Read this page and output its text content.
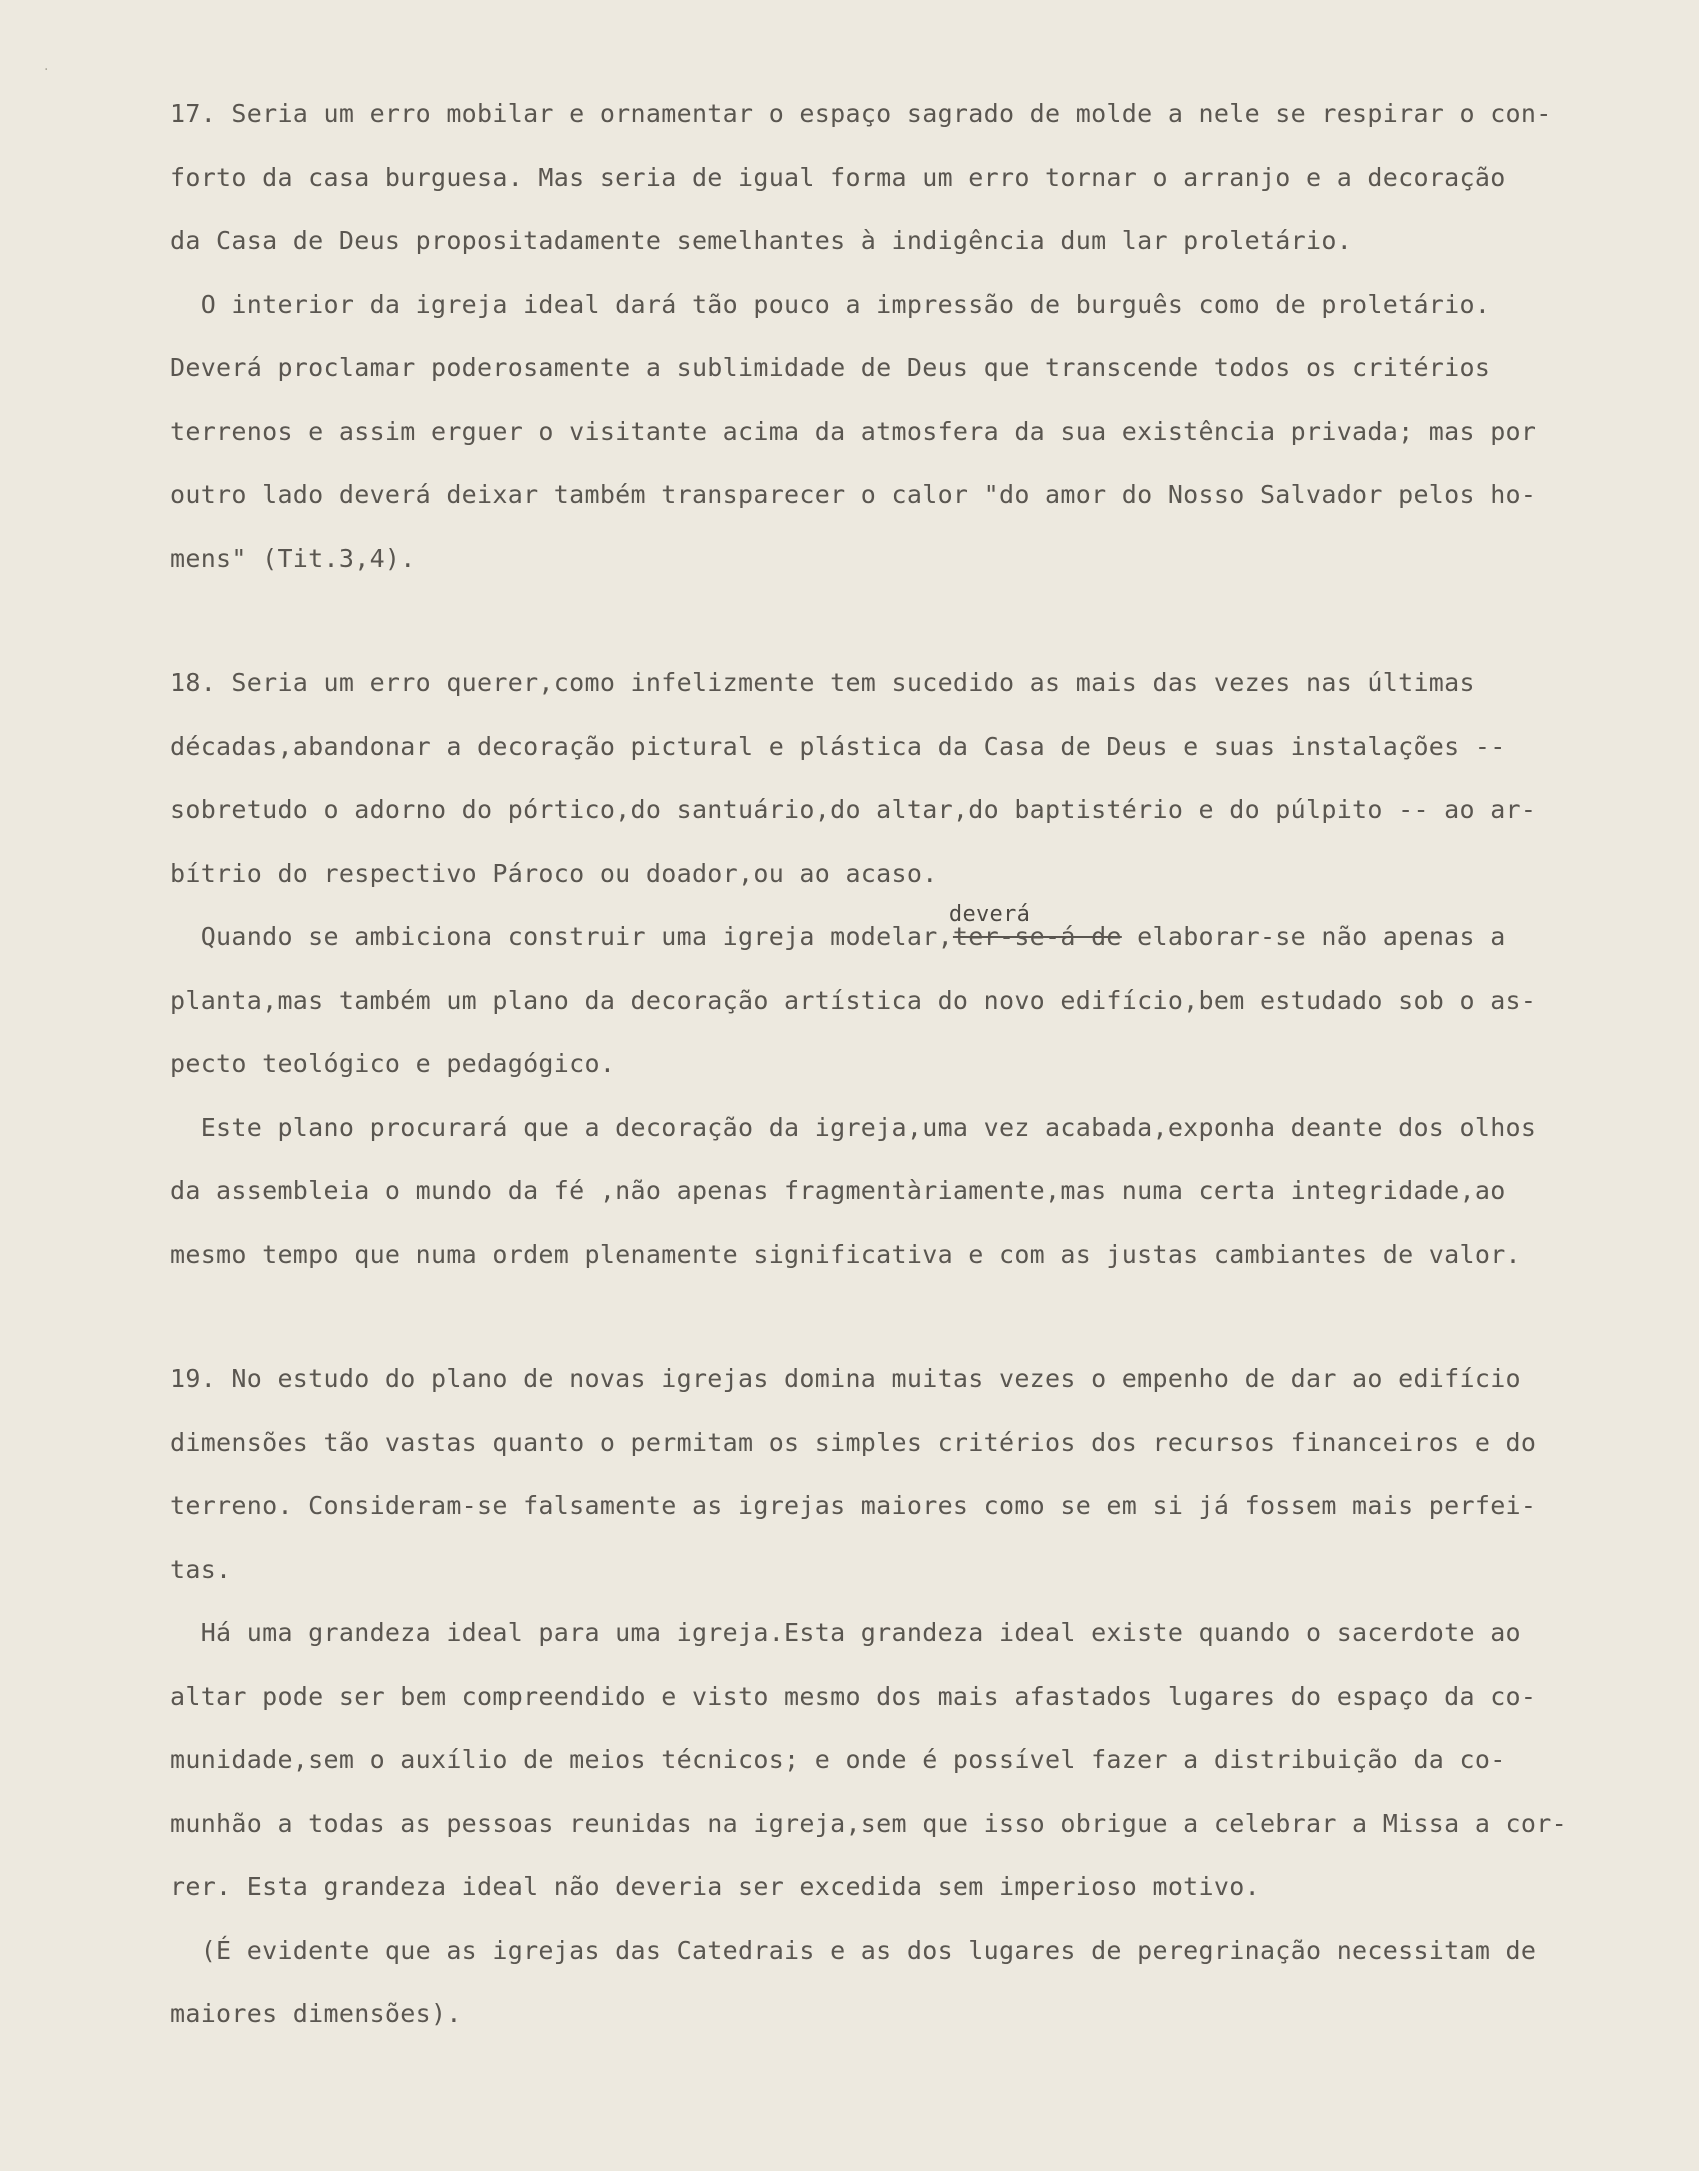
·
17. Seria um erro mobilar e ornamentar o espaço sagrado de molde a nele se respirar o con-
forto da casa burguesa. Mas seria de igual forma um erro tornar o arranjo e a decoração
da Casa de Deus propositadamente semelhantes à indigência dum lar proletário.
O interior da igreja ideal dará tão pouco a impressão de burguês como de proletário.
Deverá proclamar poderosamente a sublimidade de Deus que transcende todos os critérios
terrenos e assim erguer o visitante acima da atmosfera da sua existência privada; mas por
outro lado deverá deixar também transparecer o calor "do amor do Nosso Salvador pelos ho-
mens" (Tit.3,4).
18. Seria um erro querer,como infelizmente tem sucedido as mais das vezes nas últimas
décadas,abandonar a decoração pictural e plástica da Casa de Deus e suas instalações --
sobretudo o adorno do pórtico,do santuário,do altar,do baptistério e do púlpito -- ao ar-
bítrio do respectivo Pároco ou doador,ou ao acaso.
Quando se ambiciona construir uma igreja modelar,
deverá
ter-se-á de elaborar-se não apenas a
planta,mas também um plano da decoração artística do novo edifício,bem estudado sob o as-
pecto teológico e pedagógico.
Este plano procurará que a decoração da igreja,uma vez acabada,exponha deante dos olhos
da assembleia o mundo da fé ,não apenas fragmentàriamente,mas numa certa integridade,ao
mesmo tempo que numa ordem plenamente significativa e com as justas cambiantes de valor.
19. No estudo do plano de novas igrejas domina muitas vezes o empenho de dar ao edifício
dimensões tão vastas quanto o permitam os simples critérios dos recursos financeiros e do
terreno. Consideram-se falsamente as igrejas maiores como se em si já fossem mais perfei-
tas.
Há uma grandeza ideal para uma igreja.Esta grandeza ideal existe quando o sacerdote ao
altar pode ser bem compreendido e visto mesmo dos mais afastados lugares do espaço da co-
munidade,sem o auxílio de meios técnicos; e onde é possível fazer a distribuição da co-
munhão a todas as pessoas reunidas na igreja,sem que isso obrigue a celebrar a Missa a cor-
rer. Esta grandeza ideal não deveria ser excedida sem imperioso motivo.
(É evidente que as igrejas das Catedrais e as dos lugares de peregrinação necessitam de
maiores dimensões).
